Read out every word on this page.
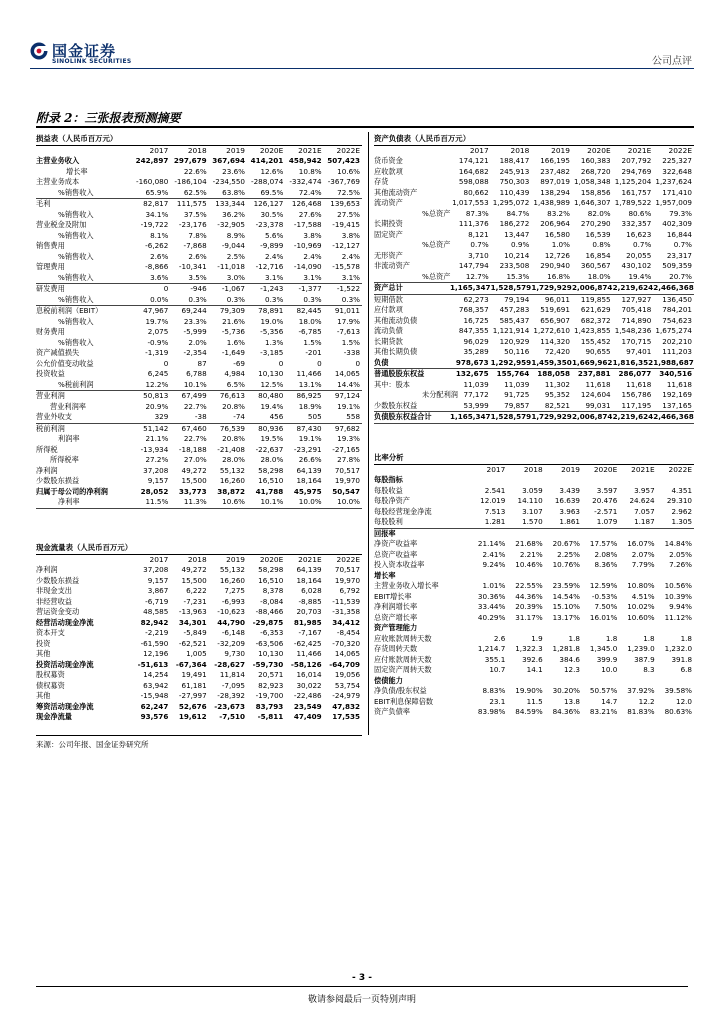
国金证券
SINOLINK SECURITIES	公司点评
附录 2：三张报表预测摘要
损益表（人民币百万元）						
	2017	2018	2019	2020E	2021E	2022E
主营业务收入	242,897	297,679	367,694	414,201	458,942	507,423
增长率		22.6%	23.6%	12.6%	10.8%	10.6%
主营业务成本	-160,080	-186,104	-234,550	-288,074	-332,474	-367,769
%销售收入	65.9%	62.5%	63.8%	69.5%	72.4%	72.5%
毛利	82,817	111,575	133,344	126,127	126,468	139,653
%销售收入	34.1%	37.5%	36.2%	30.5%	27.6%	27.5%
营业税金及附加	-19,722	-23,176	-32,905	-23,378	-17,588	-19,415
%销售收入	8.1%	7.8%	8.9%	5.6%	3.8%	3.8%
销售费用	-6,262	-7,868	-9,044	-9,899	-10,969	-12,127
%销售收入	2.6%	2.6%	2.5%	2.4%	2.4%	2.4%
管理费用	-8,866	-10,341	-11,018	-12,716	-14,090	-15,578
%销售收入	3.6%	3.5%	3.0%	3.1%	3.1%	3.1%
研发费用	0	-946	-1,067	-1,243	-1,377	-1,522
%销售收入	0.0%	0.3%	0.3%	0.3%	0.3%	0.3%
息税前利润（EBIT）	47,967	69,244	79,309	78,891	82,445	91,011
%销售收入	19.7%	23.3%	21.6%	19.0%	18.0%	17.9%
财务费用	2,075	-5,999	-5,736	-5,356	-6,785	-7,613
%销售收入	-0.9%	2.0%	1.6%	1.3%	1.5%	1.5%
资产减值损失	-1,319	-2,354	-1,649	-3,185	-201	-338
公允价值变动收益	0	87	-69	0	0	0
投资收益	6,245	6,788	4,984	10,130	11,466	14,065
%税前利润	12.2%	10.1%	6.5%	12.5%	13.1%	14.4%
营业利润	50,813	67,499	76,613	80,480	86,925	97,124
营业利润率	20.9%	22.7%	20.8%	19.4%	18.9%	19.1%
营业外收支	329	-38	-74	456	505	558
税前利润	51,142	67,460	76,539	80,936	87,430	97,682
利润率	21.1%	22.7%	20.8%	19.5%	19.1%	19.3%
所得税	-13,934	-18,188	-21,408	-22,637	-23,291	-27,165
所得税率	27.2%	27.0%	28.0%	28.0%	26.6%	27.8%
净利润	37,208	49,272	55,132	58,298	64,139	70,517
少数股东损益	9,157	15,500	16,260	16,510	18,164	19,970
归属于母公司的净利润	28,052	33,773	38,872	41,788	45,975	50,547
净利率	11.5%	11.3%	10.6%	10.1%	10.0%	10.0%
现金流量表（人民币百万元）						
	2017	2018	2019	2020E	2021E	2022E
净利润	37,208	49,272	55,132	58,298	64,139	70,517
少数股东损益	9,157	15,500	16,260	16,510	18,164	19,970
非现金支出	3,867	6,222	7,275	8,378	6,028	6,792
非经营收益	-6,719	-7,231	-6,993	-8,084	-8,885	-11,539
营运资金变动	48,585	-13,963	-10,623	-88,466	20,703	-31,358
经营活动现金净流	82,942	34,301	44,790	-29,875	81,985	34,412
资本开支	-2,219	-5,849	-6,148	-6,353	-7,167	-8,454
投资	-61,590	-62,521	-32,209	-63,506	-62,425	-70,320
其他	12,196	1,005	9,730	10,130	11,466	14,065
投资活动现金净流	-51,613	-67,364	-28,627	-59,730	-58,126	-64,709
股权募资	14,254	19,491	11,814	20,571	16,014	19,056
债权募资	63,942	61,181	-7,095	82,923	30,022	53,754
其他	-15,948	-27,997	-28,392	-19,700	-22,486	-24,979
筹资活动现金净流	62,247	52,676	-23,673	83,793	23,549	47,832
现金净流量	93,576	19,612	-7,510	-5,811	47,409	17,535
资产负债表（人民币百万元）						
	2017	2018	2019	2020E	2021E	2022E
货币资金	174,121	188,417	166,195	160,383	207,792	225,327
应收款项	164,682	245,913	237,482	268,720	294,769	322,648
存货	598,088	750,303	897,019	1,058,348	1,125,204	1,237,624
其他流动资产	80,662	110,439	138,294	158,856	161,757	171,410
流动资产	1,017,553	1,295,072	1,438,989	1,646,307	1,789,522	1,957,009
%总资产	87.3%	84.7%	83.2%	82.0%	80.6%	79.3%
长期投资	111,376	186,272	206,964	270,290	332,357	402,309
固定资产	8,121	13,447	16,580	16,539	16,623	16,844
%总资产	0.7%	0.9%	1.0%	0.8%	0.7%	0.7%
无形资产	3,710	10,214	12,726	16,854	20,055	23,317
非流动资产	147,794	233,508	290,940	360,567	430,102	509,359
%总资产	12.7%	15.3%	16.8%	18.0%	19.4%	20.7%
资产总计	1,165,347	1,528,579	1,729,929	2,006,874	2,219,624	2,466,368
短期借款	62,273	79,194	96,011	119,855	127,927	136,450
应付款项	768,357	457,283	519,691	621,629	705,418	784,201
其他流动负债	16,725	585,437	656,907	682,372	714,890	754,623
流动负债	847,355	1,121,914	1,272,610	1,423,855	1,548,236	1,675,274
长期贷款	96,029	120,929	114,320	155,452	170,715	202,210
其他长期负债	35,289	50,116	72,420	90,655	97,401	111,203
负债	978,673	1,292,959	1,459,350	1,669,962	1,816,352	1,988,687
普通股股东权益	132,675	155,764	188,058	237,881	286,077	340,516
其中：股本	11,039	11,039	11,302	11,618	11,618	11,618
未分配利润	77,172	91,725	95,352	124,604	156,786	192,169
少数股东权益	53,999	79,857	82,521	99,031	117,195	137,165
负债股东权益合计	1,165,347	1,528,579	1,729,929	2,006,874	2,219,624	2,466,368
比率分析						
	2017	2018	2019	2020E	2021E	2022E
每股指标						
每股收益	2.541	3.059	3.439	3.597	3.957	4.351
每股净资产	12.019	14.110	16.639	20.476	24.624	29.310
每股经营现金净流	7.513	3.107	3.963	-2.571	7.057	2.962
每股股利	1.281	1.570	1.861	1.079	1.187	1.305
回报率						
净资产收益率	21.14%	21.68%	20.67%	17.57%	16.07%	14.84%
总资产收益率	2.41%	2.21%	2.25%	2.08%	2.07%	2.05%
投入资本收益率	9.24%	10.46%	10.76%	8.36%	7.79%	7.26%
增长率						
主营业务收入增长率	1.01%	22.55%	23.59%	12.59%	10.80%	10.56%
EBIT增长率	30.36%	44.36%	14.54%	-0.53%	4.51%	10.39%
净利润增长率	33.44%	20.39%	15.10%	7.50%	10.02%	9.94%
总资产增长率	40.29%	31.17%	13.17%	16.01%	10.60%	11.12%
资产管理能力						
应收账款周转天数	2.6	1.9	1.8	1.8	1.8	1.8
存货周转天数	1,214.7	1,322.3	1,281.8	1,345.0	1,239.0	1,232.0
应付账款周转天数	355.1	392.6	384.6	399.9	387.9	391.8
固定资产周转天数	10.7	14.1	12.3	10.0	8.3	6.8
偿债能力						
净负债/股东权益	8.83%	19.90%	30.20%	50.57%	37.92%	39.58%
EBIT利息保障倍数	23.1	11.5	13.8	14.7	12.2	12.0
资产负债率	83.98%	84.59%	84.36%	83.21%	81.83%	80.63%
来源：公司年报、国金证券研究所
- 3 -
敬请参阅最后一页特别声明
